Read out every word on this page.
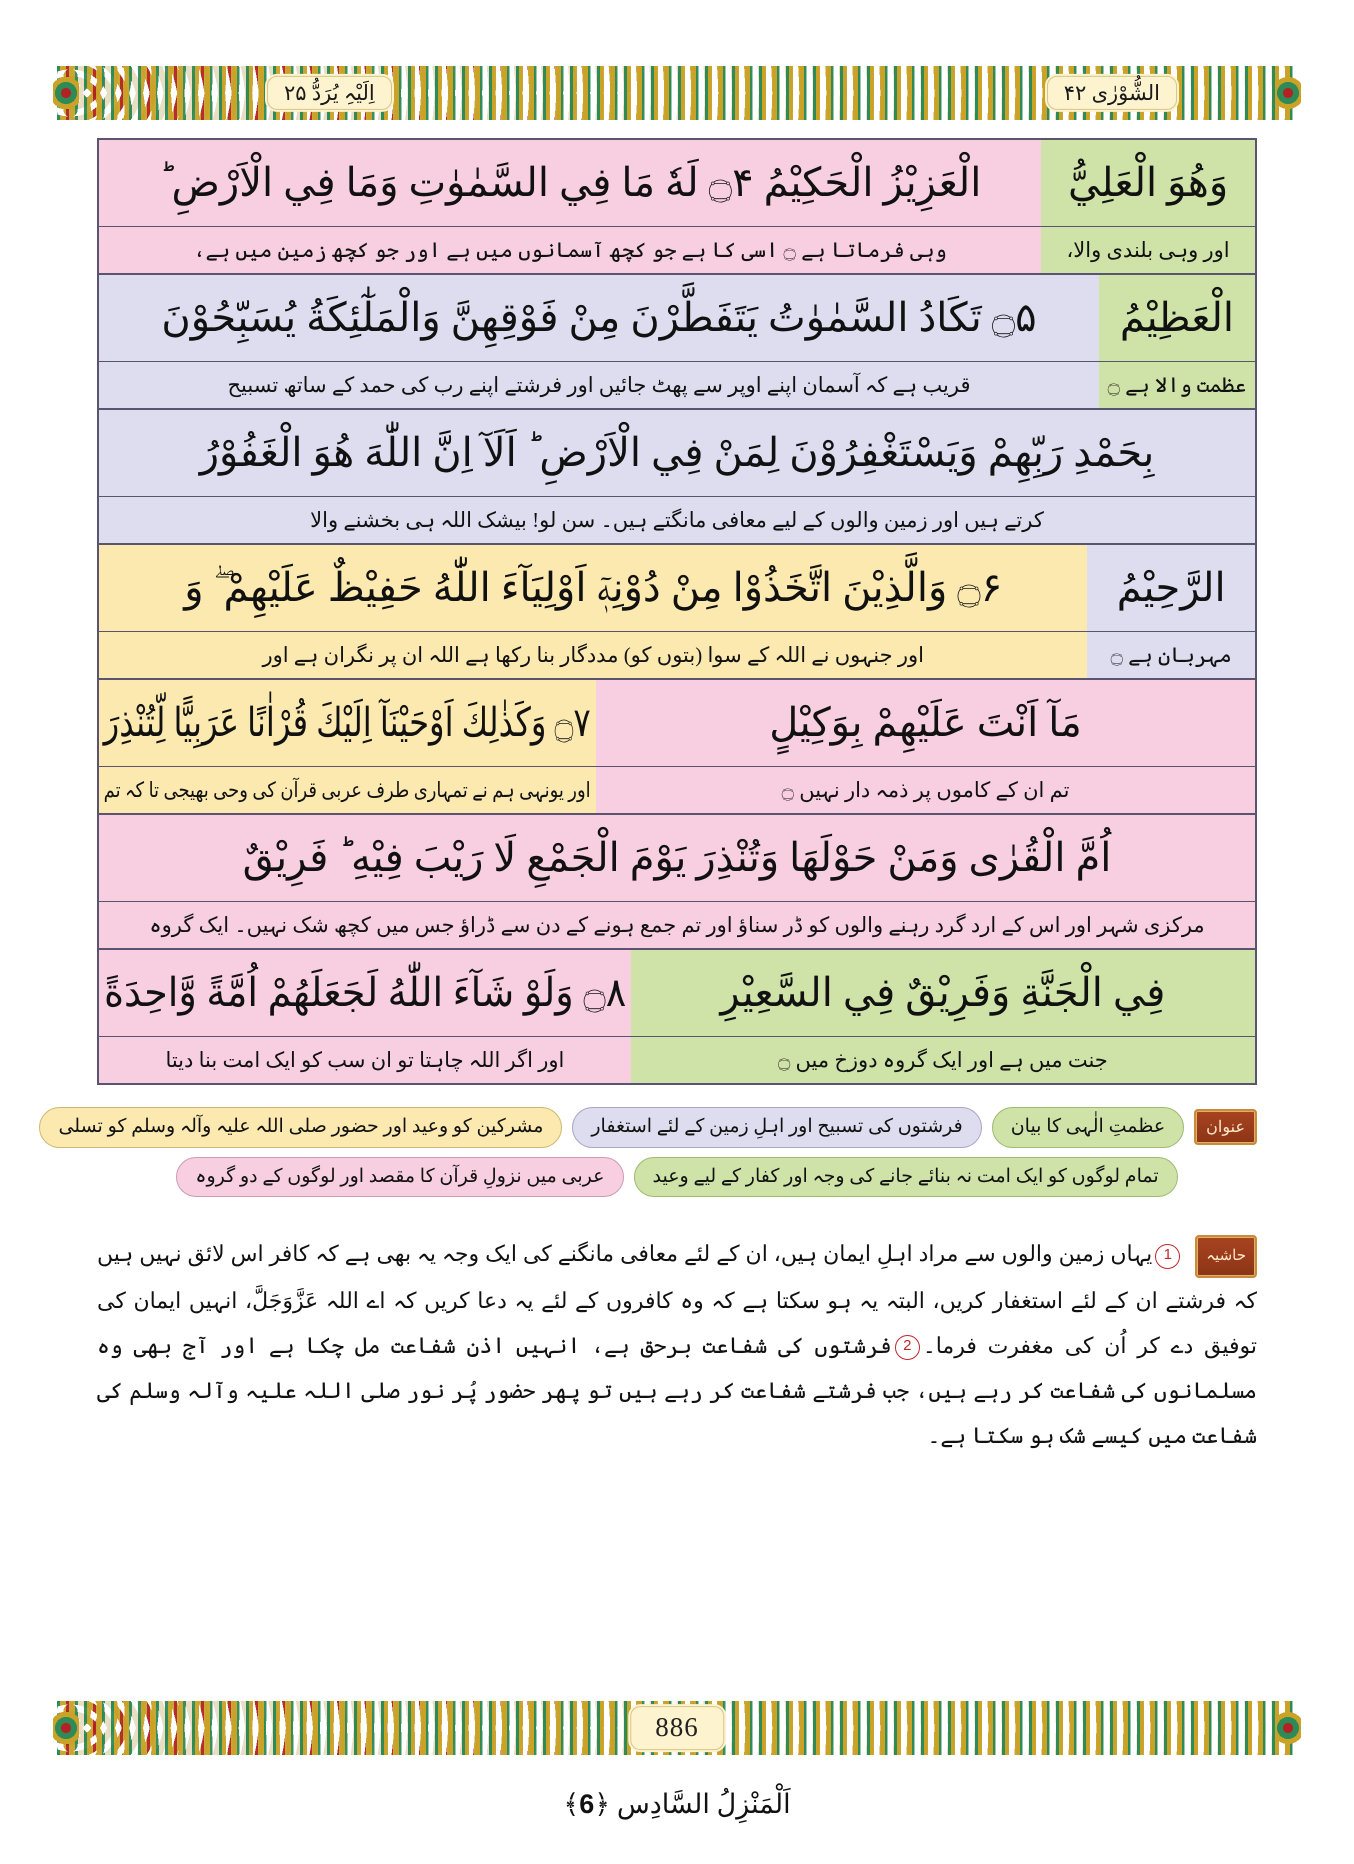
الشُّوْرٰی ۴۲
اِلَیْہِ یُرَدُّ ۲۵
وَهُوَ الْعَلِيُّ
الْعَزِيْزُ الْحَكِيْمُ ۝۴ لَهٗ مَا فِي السَّمٰوٰتِ وَمَا فِي الْاَرْضِ ؕ
اور وہی بلندی والا،
وہی فرماتا ہے ۝ اسی کا ہے جو کچھ آسمانوں میں ہے اور جو کچھ زمین میں ہے،
الْعَظِيْمُ
۝۵ تَكَادُ السَّمٰوٰتُ يَتَفَطَّرْنَ مِنْ فَوْقِهِنَّ وَالْمَلٰٓئِكَةُ يُسَبِّحُوْنَ
عظمت والا ہے ۝
قریب ہے کہ آسمان اپنے اوپر سے پھٹ جائیں اور فرشتے اپنے رب کی حمد کے ساتھ تسبیح
بِحَمْدِ رَبِّهِمْ وَيَسْتَغْفِرُوْنَ لِمَنْ فِي الْاَرْضِ ؕ اَلَآ اِنَّ اللّٰهَ هُوَ الْغَفُوْرُ
کرتے ہیں اور زمین والوں کے لیے معافی مانگتے ہیں۔ سن لو! بیشک اللہ ہی بخشنے والا
الرَّحِيْمُ
۝۶ وَالَّذِيْنَ اتَّخَذُوْا مِنْ دُوْنِهٖٓ اَوْلِيَآءَ اللّٰهُ حَفِيْظٌ عَلَيْهِمْ ۖ وَ
مہربان ہے ۝
اور جنہوں نے اللہ کے سوا (بتوں کو) مددگار بنا رکھا ہے اللہ ان پر نگران ہے اور
مَآ اَنْتَ عَلَيْهِمْ بِوَكِيْلٍ
۝۷ وَكَذٰلِكَ اَوْحَيْنَآ اِلَيْكَ قُرْاٰنًا عَرَبِيًّا لِّتُنْذِرَ
تم ان کے کاموں پر ذمہ دار نہیں ۝
اور یونہی ہم نے تمہاری طرف عربی قرآن کی وحی بھیجی تا کہ تم
اُمَّ الْقُرٰى وَمَنْ حَوْلَهَا وَتُنْذِرَ يَوْمَ الْجَمْعِ لَا رَيْبَ فِيْهِ ؕ فَرِيْقٌ
مرکزی شہر اور اس کے ارد گرد رہنے والوں کو ڈر سناؤ اور تم جمع ہونے کے دن سے ڈراؤ جس میں کچھ شک نہیں۔ ایک گروہ
فِي الْجَنَّةِ وَفَرِيْقٌ فِي السَّعِيْرِ
۝۸ وَلَوْ شَآءَ اللّٰهُ لَجَعَلَهُمْ اُمَّةً وَّاحِدَةً
جنت میں ہے اور ایک گروہ دوزخ میں ۝
اور اگر اللہ چاہتا تو ان سب کو ایک امت بنا دیتا
عنوان
عظمتِ الٰہی کا بیان
فرشتوں کی تسبیح اور اہلِ زمین کے لئے استغفار
مشرکین کو وعید اور حضور صلی اللہ علیہ وآلہ وسلم کو تسلی
تمام لوگوں کو ایک امت نہ بنائے جانے کی وجہ اور کفار کے لیے وعید
عربی میں نزولِ قرآن کا مقصد اور لوگوں کے دو گروہ

حاشیہ1یہاں زمین والوں سے مراد اہلِ ایمان ہیں، ان کے لئے معافی مانگنے کی ایک وجہ یہ بھی ہے کہ کافر اس لائق نہیں ہیں کہ فرشتے ان کے لئے استغفار کریں، البتہ یہ ہو سکتا ہے کہ وہ کافروں کے لئے یہ دعا کریں کہ اے اللہ عَزَّوَجَلَّ، انہیں ایمان کی توفیق دے کر اُن کی مغفرت فرما۔2فرشتوں کی شفاعت برحق ہے، انہیں اذنِ شفاعت مل چکا ہے اور آج بھی وہ مسلمانوں کی شفاعت کر رہے ہیں، جب فرشتے شفاعت کر رہے ہیں تو پھر حضور پُر نور صلی اللہ علیہ وآلہ وسلم کی شفاعت میں کیسے شک ہو سکتا ہے۔

886
اَلْمَنْزِلُ السَّادِس ﴿6﴾
